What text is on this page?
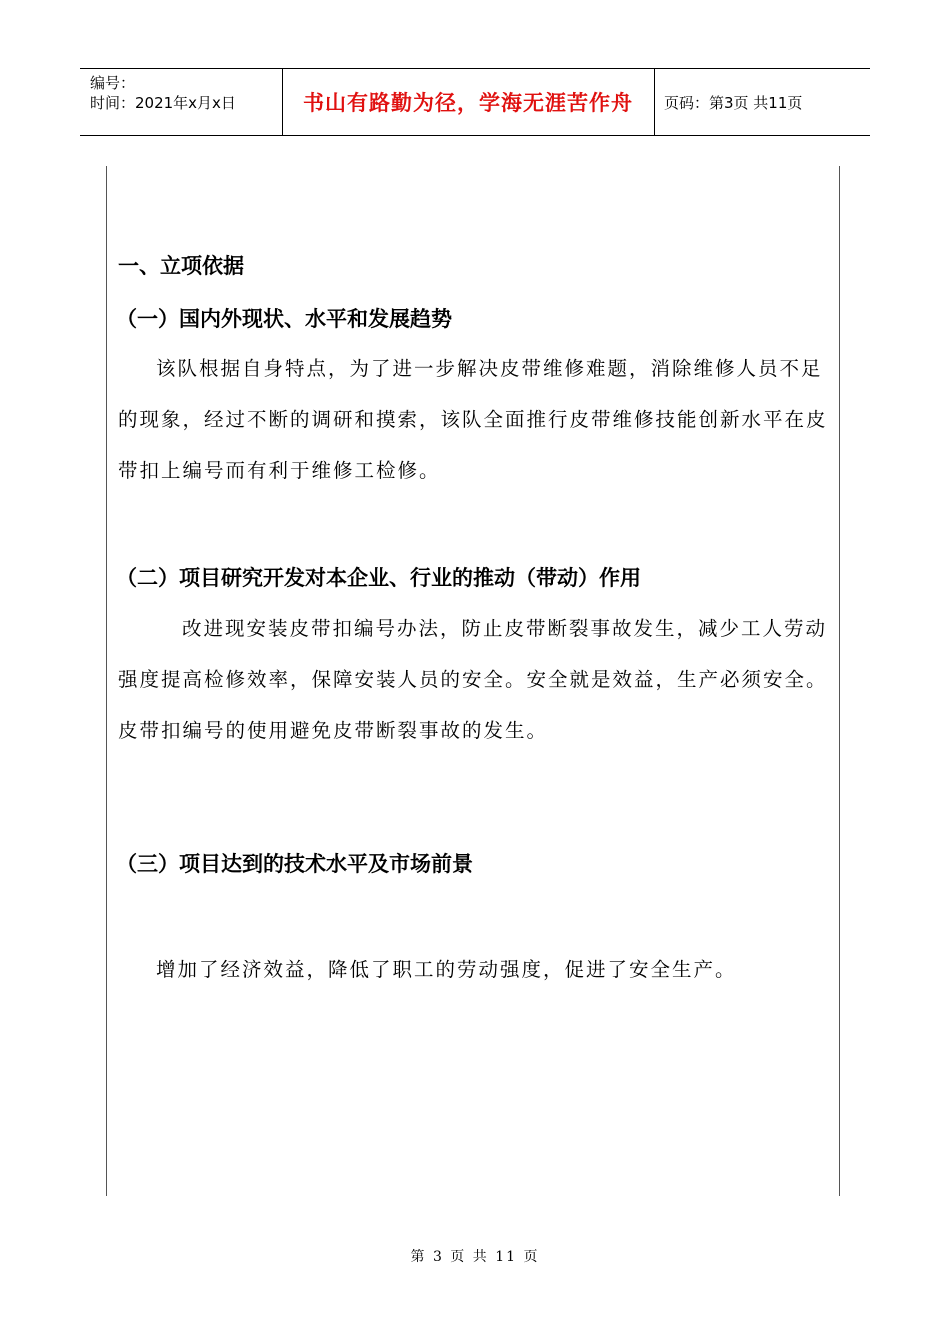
编号：
时间：2021年x月x日	书山有路勤为径，学海无涯苦作舟	页码：第3页 共11页
一、立项依据
（一）国内外现状、水平和发展趋势
该队根据自身特点，为了进一步解决皮带维修难题，消除维修人员不足的现象，经过不断的调研和摸索，该队全面推行皮带维修技能创新水平在皮带扣上编号而有利于维修工检修。
（二）项目研究开发对本企业、行业的推动（带动）作用
改进现安装皮带扣编号办法，防止皮带断裂事故发生，减少工人劳动强度提高检修效率，保障安装人员的安全。安全就是效益，生产必须安全。皮带扣编号的使用避免皮带断裂事故的发生。
（三）项目达到的技术水平及市场前景
增加了经济效益，降低了职工的劳动强度，促进了安全生产。
第 3 页 共 11 页
